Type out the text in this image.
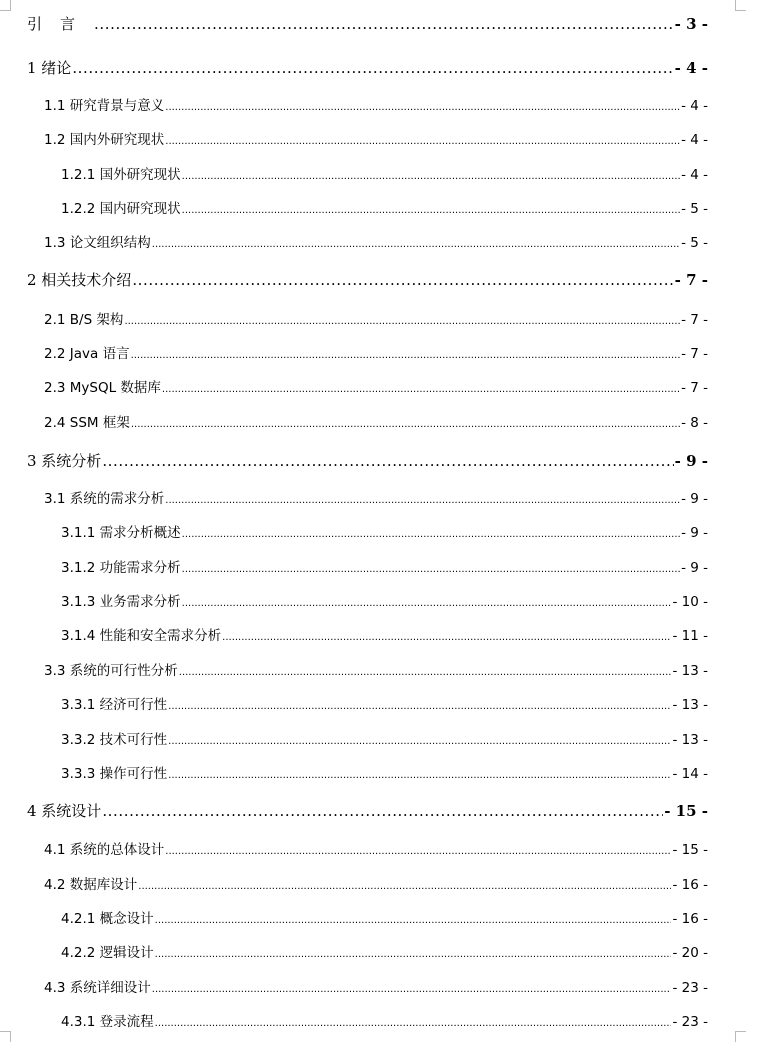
引言 .....	- 3 -
1 绪论 .....	- 4 -
1.1 研究背景与意义 .....	- 4 -
1.2 国内外研究现状 .....	- 4 -
1.2.1 国外研究现状 .....	- 4 -
1.2.2 国内研究现状 .....	- 5 -
1.3 论文组织结构 .....	- 5 -
2 相关技术介绍 .....	- 7 -
2.1 B/S 架构 .....	- 7 -
2.2 Java 语言 .....	- 7 -
2.3 MySQL 数据库 .....	- 7 -
2.4 SSM 框架 .....	- 8 -
3 系统分析 .....	- 9 -
3.1 系统的需求分析 .....	- 9 -
3.1.1 需求分析概述 .....	- 9 -
3.1.2 功能需求分析 .....	- 9 -
3.1.3 业务需求分析 .....	- 10 -
3.1.4 性能和安全需求分析 .....	- 11 -
3.3 系统的可行性分析 .....	- 13 -
3.3.1 经济可行性 .....	- 13 -
3.3.2 技术可行性 .....	- 13 -
3.3.3 操作可行性 .....	- 14 -
4 系统设计 .....	- 15 -
4.1 系统的总体设计 .....	- 15 -
4.2 数据库设计 .....	- 16 -
4.2.1 概念设计 .....	- 16 -
4.2.2 逻辑设计 .....	- 20 -
4.3 系统详细设计 .....	- 23 -
4.3.1 登录流程 .....	- 23 -
